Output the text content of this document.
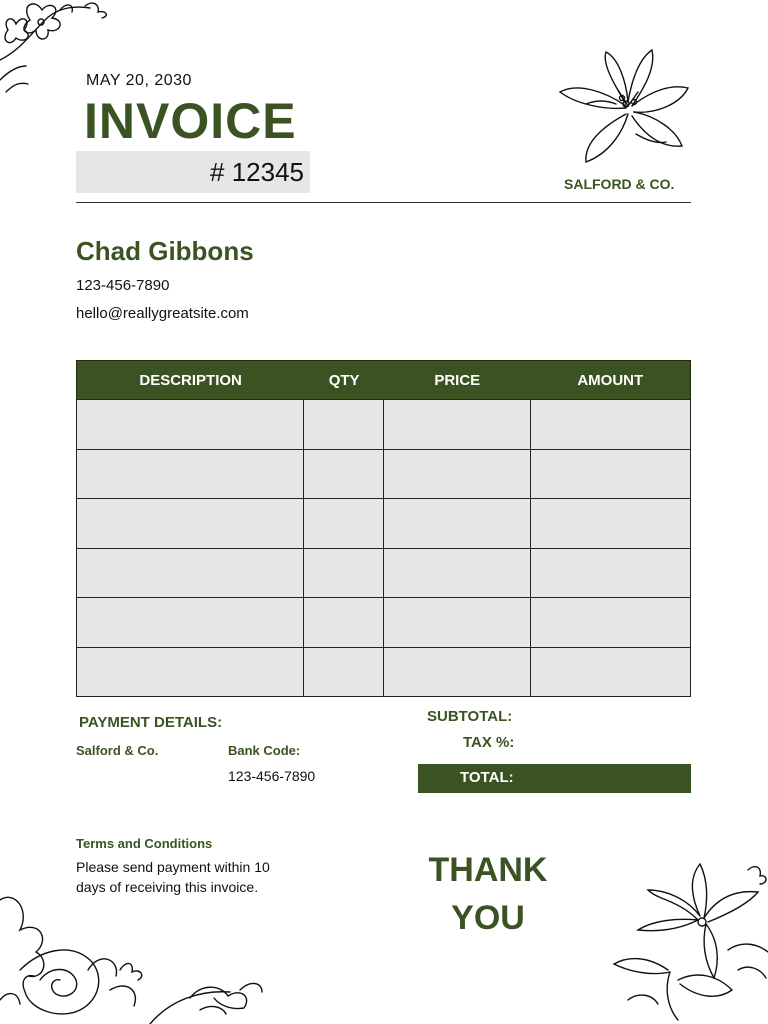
MAY 20, 2030
INVOICE
# 12345	SALFORD & CO.
Chad Gibbons
123-456-7890
hello@reallygreatsite.com
DESCRIPTION	QTY	PRICE	AMOUNT
PAYMENT DETAILS:
Salford & Co.	Bank Code:
123-456-7890
SUBTOTAL:
TAX %:
TOTAL:
Terms and Conditions
Please send payment within 10 days of receiving this invoice.	THANK
YOU
